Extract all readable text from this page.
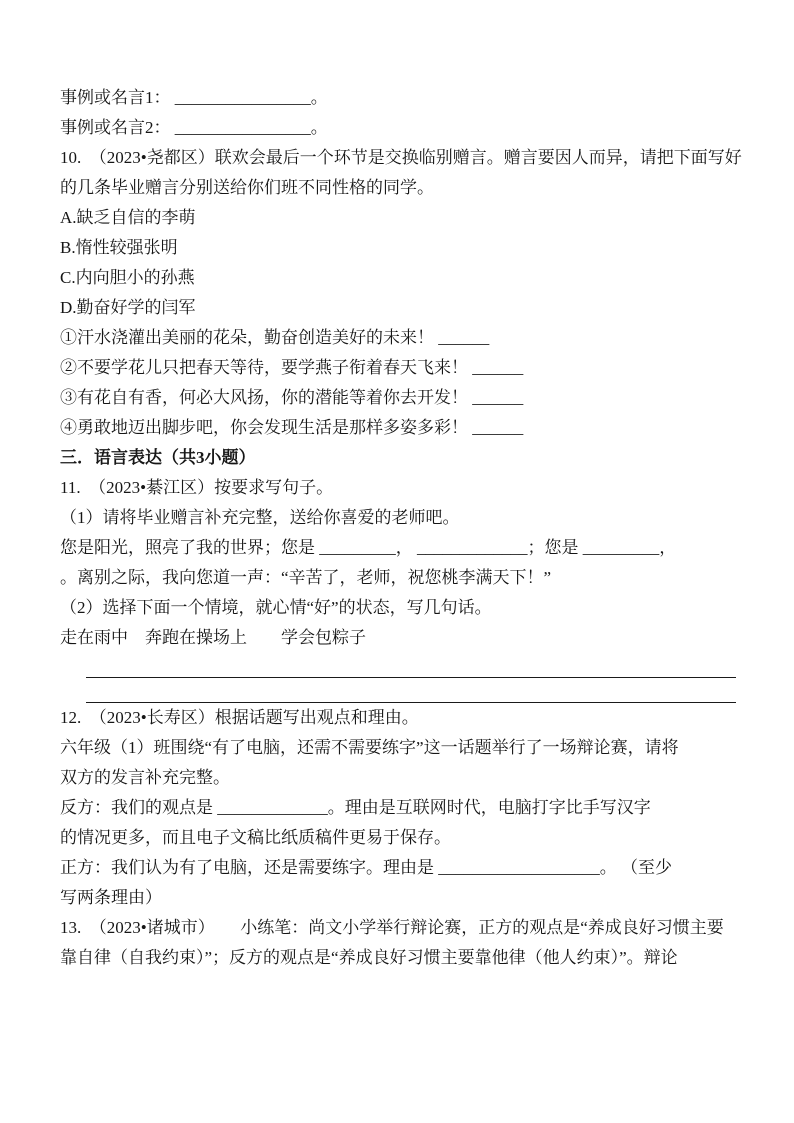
事例或名言1： ________________。

事例或名言2： ________________。

10.  （2023•尧都区）联欢会最后一个环节是交换临别赠言。赠言要因人而异，请把下面写好

的几条毕业赠言分别送给你们班不同性格的同学。

A.缺乏自信的李萌

B.惰性较强张明

C.内向胆小的孙燕

D.勤奋好学的闫军

①汗水浇灌出美丽的花朵，勤奋创造美好的未来！ ______

②不要学花儿只把春天等待，要学燕子衔着春天飞来！ ______

③有花自有香，何必大风扬，你的潜能等着你去开发！ ______

④勇敢地迈出脚步吧，你会发现生活是那样多姿多彩！ ______

三．语言表达（共3小题）

11.  （2023•綦江区）按要求写句子。

（1）请将毕业赠言补充完整，送给你喜爱的老师吧。

您是阳光，照亮了我的世界；您是 _________， _____________；您是 _________，

。离别之际，我向您道一声：“辛苦了，老师，祝您桃李满天下！”

（2）选择下面一个情境，就心情“好”的状态，写几句话。

走在雨中　奔跑在操场上　　学会包粽子

12.  （2023•长寿区）根据话题写出观点和理由。

六年级（1）班围绕“有了电脑，还需不需要练字”这一话题举行了一场辩论赛，请将

双方的发言补充完整。

反方：我们的观点是 _____________。理由是互联网时代，电脑打字比手写汉字

的情况更多，而且电子文稿比纸质稿件更易于保存。

正方：我们认为有了电脑，还是需要练字。理由是 ___________________。 （至少

写两条理由）

13.  （2023•诸城市）　　小练笔：尚文小学举行辩论赛，正方的观点是“养成良好习惯主要

靠自律（自我约束）”；反方的观点是“养成良好习惯主要靠他律（他人约束）”。辩论
